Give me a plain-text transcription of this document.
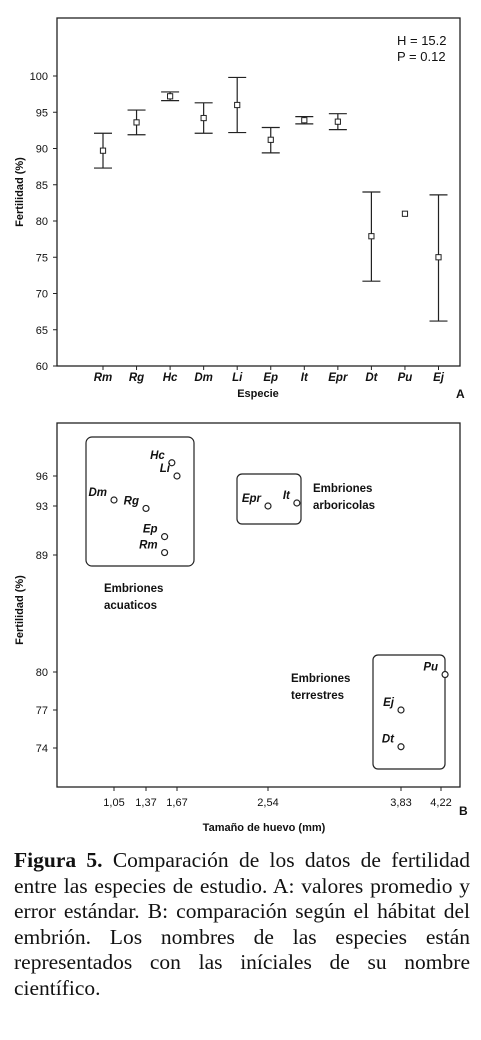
60
65
70
75
80
85
90
95
100
Rm Rg Hc Dm Li Ep It Epr Dt Pu Ej
H = 15.2
P = 0.12
Especie
Fertilidad (%)
A
74
77
80
89
93
96
1,05 1,37 1,67	2,54	3,83 4,22
Hc
Li
Dm
Rg
Ep
Rm
Epr It
Pu
Ej
Dt
Embriones
acuaticos
Embriones
arboricolas
Embriones
terrestres
Tamaño de huevo (mm)
Fertilidad (%)
B
Figura 5. Comparación de los datos de fertilidad entre las especies de estudio. A: valores promedio y error estándar. B: comparación según el hábitat del embrión. Los nombres de las especies están representados con las iníciales de su nombre científico.
